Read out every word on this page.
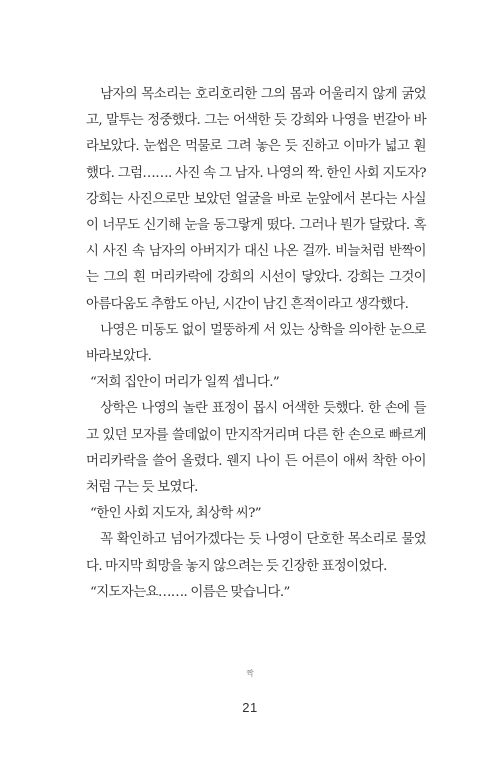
남자의 목소리는 호리호리한 그의 몸과 어울리지 않게 굵었고, 말투는 정중했다. 그는 어색한 듯 강희와 나영을 번갈아 바라보았다. 눈썹은 먹물로 그려 놓은 듯 진하고 이마가 넓고 훤했다. 그럼……. 사진 속 그 남자. 나영의 짝. 한인 사회 지도자? 강희는 사진으로만 보았던 얼굴을 바로 눈앞에서 본다는 사실이 너무도 신기해 눈을 동그랗게 떴다. 그러나 뭔가 달랐다. 혹시 사진 속 남자의 아버지가 대신 나온 걸까. 비늘처럼 반짝이는 그의 흰 머리카락에 강희의 시선이 닿았다. 강희는 그것이 아름다움도 추함도 아닌, 시간이 남긴 흔적이라고 생각했다.

나영은 미동도 없이 멀뚱하게 서 있는 상학을 의아한 눈으로 바라보았다.

“저희 집안이 머리가 일찍 셉니다.”

상학은 나영의 놀란 표정이 몹시 어색한 듯했다. 한 손에 들고 있던 모자를 쓸데없이 만지작거리며 다른 한 손으로 빠르게 머리카락을 쓸어 올렸다. 웬지 나이 든 어른이 애써 착한 아이처럼 구는 듯 보였다.

“한인 사회 지도자, 최상학 씨?”

꼭 확인하고 넘어가겠다는 듯 나영이 단호한 목소리로 물었다. 마지막 희망을 놓지 않으려는 듯 긴장한 표정이었다.

“지도자는요……. 이름은 맞습니다.”

짝
21
